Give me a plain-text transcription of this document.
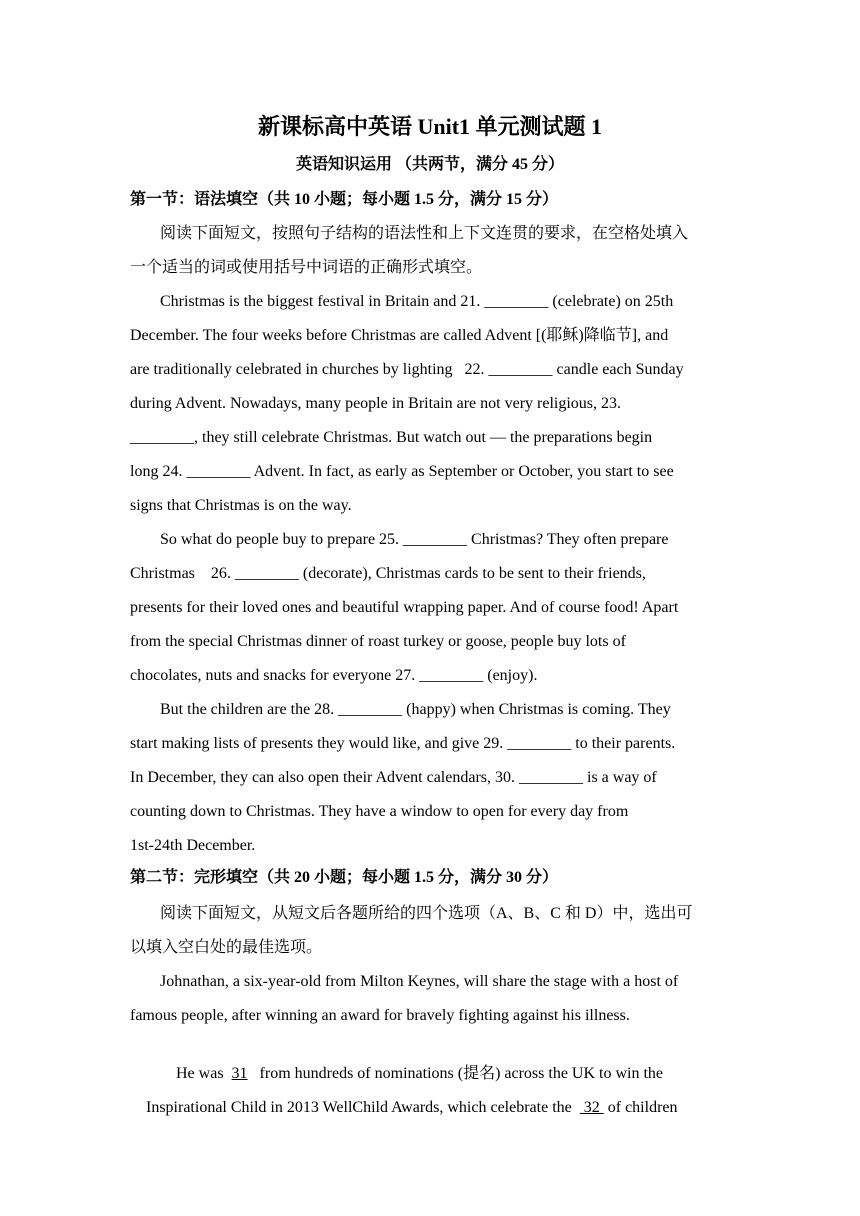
新课标高中英语 Unit1 单元测试题 1
英语知识运用 （共两节，满分 45 分）
第一节：语法填空（共 10 小题；每小题 1.5 分，满分 15 分）
阅读下面短文，按照句子结构的语法性和上下文连贯的要求，在空格处填入
一个适当的词或使用括号中词语的正确形式填空。
Christmas is the biggest festival in Britain and 21. ________ (celebrate) on 25th
December. The four weeks before Christmas are called Advent [(耶稣)降临节], and
are traditionally celebrated in churches by lighting   22. ________ candle each Sunday
during Advent. Nowadays, many people in Britain are not very religious, 23.
________, they still celebrate Christmas. But watch out — the preparations begin
long 24. ________ Advent. In fact, as early as September or October, you start to see
signs that Christmas is on the way.
So what do people buy to prepare 25. ________ Christmas? They often prepare
Christmas    26. ________ (decorate), Christmas cards to be sent to their friends,
presents for their loved ones and beautiful wrapping paper. And of course food! Apart
from the special Christmas dinner of roast turkey or goose, people buy lots of
chocolates, nuts and snacks for everyone 27. ________ (enjoy).
But the children are the 28. ________ (happy) when Christmas is coming. They
start making lists of presents they would like, and give 29. ________ to their parents.
In December, they can also open their Advent calendars, 30. ________ is a way of
counting down to Christmas. They have a window to open for every day from
1st-24th December.
第二节：完形填空（共 20 小题；每小题 1.5 分，满分 30 分）
阅读下面短文，从短文后各题所给的四个选项（A、B、C 和 D）中，选出可
以填入空白处的最佳选项。
Johnathan, a six-year-old from Milton Keynes, will share the stage with a host of
famous people, after winning an award for bravely fighting against his illness.

He was  31   from hundreds of nominations (提名) across the UK to win the

Inspirational Child in 2013 WellChild Awards, which celebrate the   32  of children
